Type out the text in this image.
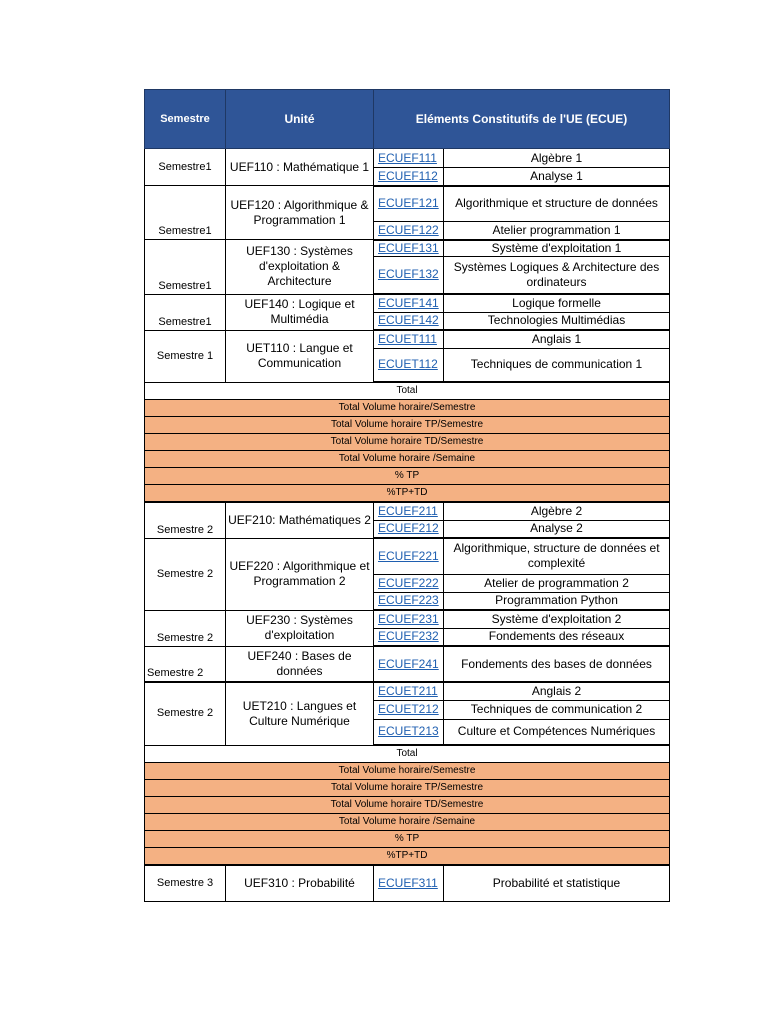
Semestre	Unité	Eléments Constitutifs de l'UE (ECUE)	
Semestre1	UEF110 : Mathématique 1	ECUEF111	Algèbre 1
		ECUEF112	Analyse 1
Semestre1	UEF120 : Algorithmique & Programmation 1	ECUEF121	Algorithmique et structure de données
		ECUEF122	Atelier programmation 1
Semestre1	UEF130 : Systèmes d'exploitation & Architecture	ECUEF131	Système d'exploitation 1
		ECUEF132	Systèmes Logiques & Architecture des ordinateurs
Semestre1	UEF140 : Logique et Multimédia	ECUEF141	Logique formelle
		ECUEF142	Technologies Multimédias
Semestre 1	UET110 : Langue et Communication	ECUET111	Anglais 1
		ECUET112	Techniques de communication 1
Total			
Total Volume horaire/Semestre			
Total Volume horaire TP/Semestre			
Total Volume horaire TD/Semestre			
Total Volume horaire /Semaine			
% TP			
%TP+TD			
Semestre 2	UEF210: Mathématiques 2	ECUEF211	Algèbre 2
		ECUEF212	Analyse 2
Semestre 2	UEF220 : Algorithmique et Programmation 2	ECUEF221	Algorithmique, structure de données et complexité
		ECUEF222	Atelier de programmation 2
		ECUEF223	Programmation Python
Semestre 2	UEF230 : Systèmes d'exploitation	ECUEF231	Système d'exploitation 2
		ECUEF232	Fondements des réseaux
Semestre 2	UEF240 : Bases de données	ECUEF241	Fondements des bases de données
Semestre 2	UET210 : Langues et Culture Numérique	ECUET211	Anglais 2
		ECUET212	Techniques de communication 2
		ECUET213	Culture et Compétences Numériques
Total			
Total Volume horaire/Semestre			
Total Volume horaire TP/Semestre			
Total Volume horaire TD/Semestre			
Total Volume horaire /Semaine			
% TP			
%TP+TD			
Semestre 3	UEF310 : Probabilité	ECUEF311	Probabilité et statistique
